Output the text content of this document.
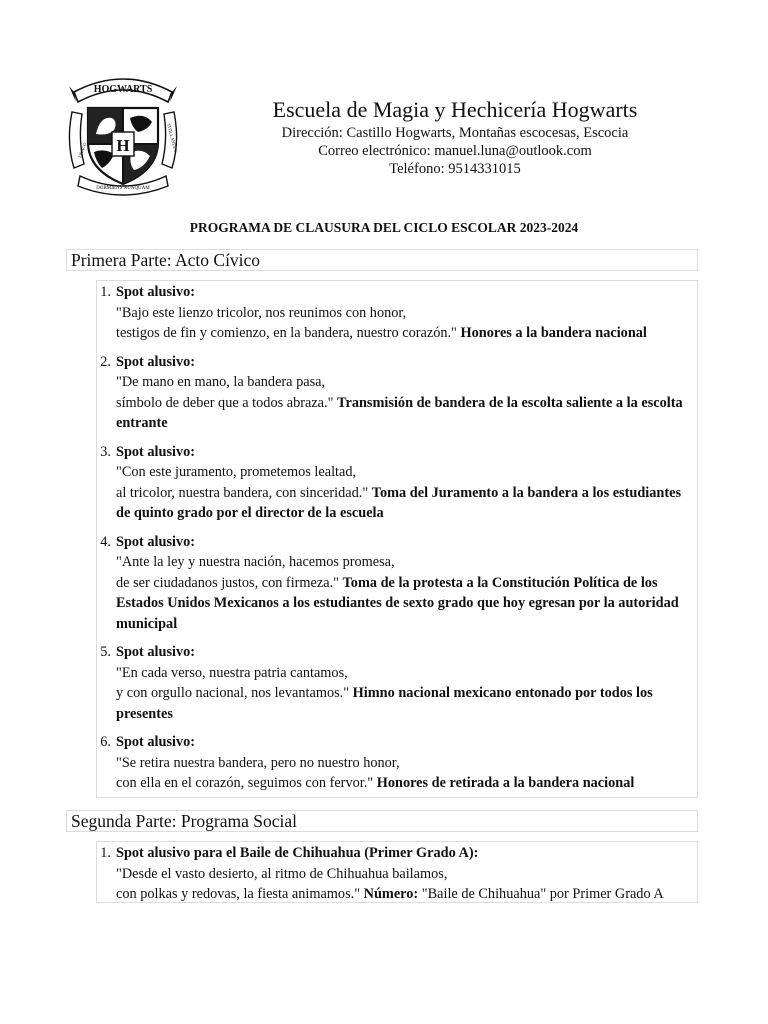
HOGWARTS
DRACO	TITILLANDUS
H
DORMIENS NUNQUAM
Escuela de Magia y Hechicería Hogwarts
Dirección: Castillo Hogwarts, Montañas escocesas, Escocia
Correo electrónico: manuel.luna@outlook.com
Teléfono: 9514331015
PROGRAMA DE CLAUSURA DEL CICLO ESCOLAR 2023-2024
Primera Parte: Acto Cívico
1. Spot alusivo:
"Bajo este lienzo tricolor, nos reunimos con honor,
testigos de fin y comienzo, en la bandera, nuestro corazón." Honores a la bandera nacional
2. Spot alusivo:
"De mano en mano, la bandera pasa,
símbolo de deber que a todos abraza." Transmisión de bandera de la escolta saliente a la escolta entrante
3. Spot alusivo:
"Con este juramento, prometemos lealtad,
al tricolor, nuestra bandera, con sinceridad." Toma del Juramento a la bandera a los estudiantes de quinto grado por el director de la escuela
4. Spot alusivo:
"Ante la ley y nuestra nación, hacemos promesa,
de ser ciudadanos justos, con firmeza." Toma de la protesta a la Constitución Política de los Estados Unidos Mexicanos a los estudiantes de sexto grado que hoy egresan por la autoridad municipal
5. Spot alusivo:
"En cada verso, nuestra patria cantamos,
y con orgullo nacional, nos levantamos." Himno nacional mexicano entonado por todos los presentes
6. Spot alusivo:
"Se retira nuestra bandera, pero no nuestro honor,
con ella en el corazón, seguimos con fervor." Honores de retirada a la bandera nacional
Segunda Parte: Programa Social
1. Spot alusivo para el Baile de Chihuahua (Primer Grado A):
"Desde el vasto desierto, al ritmo de Chihuahua bailamos,
con polkas y redovas, la fiesta animamos." Número: "Baile de Chihuahua" por Primer Grado A
